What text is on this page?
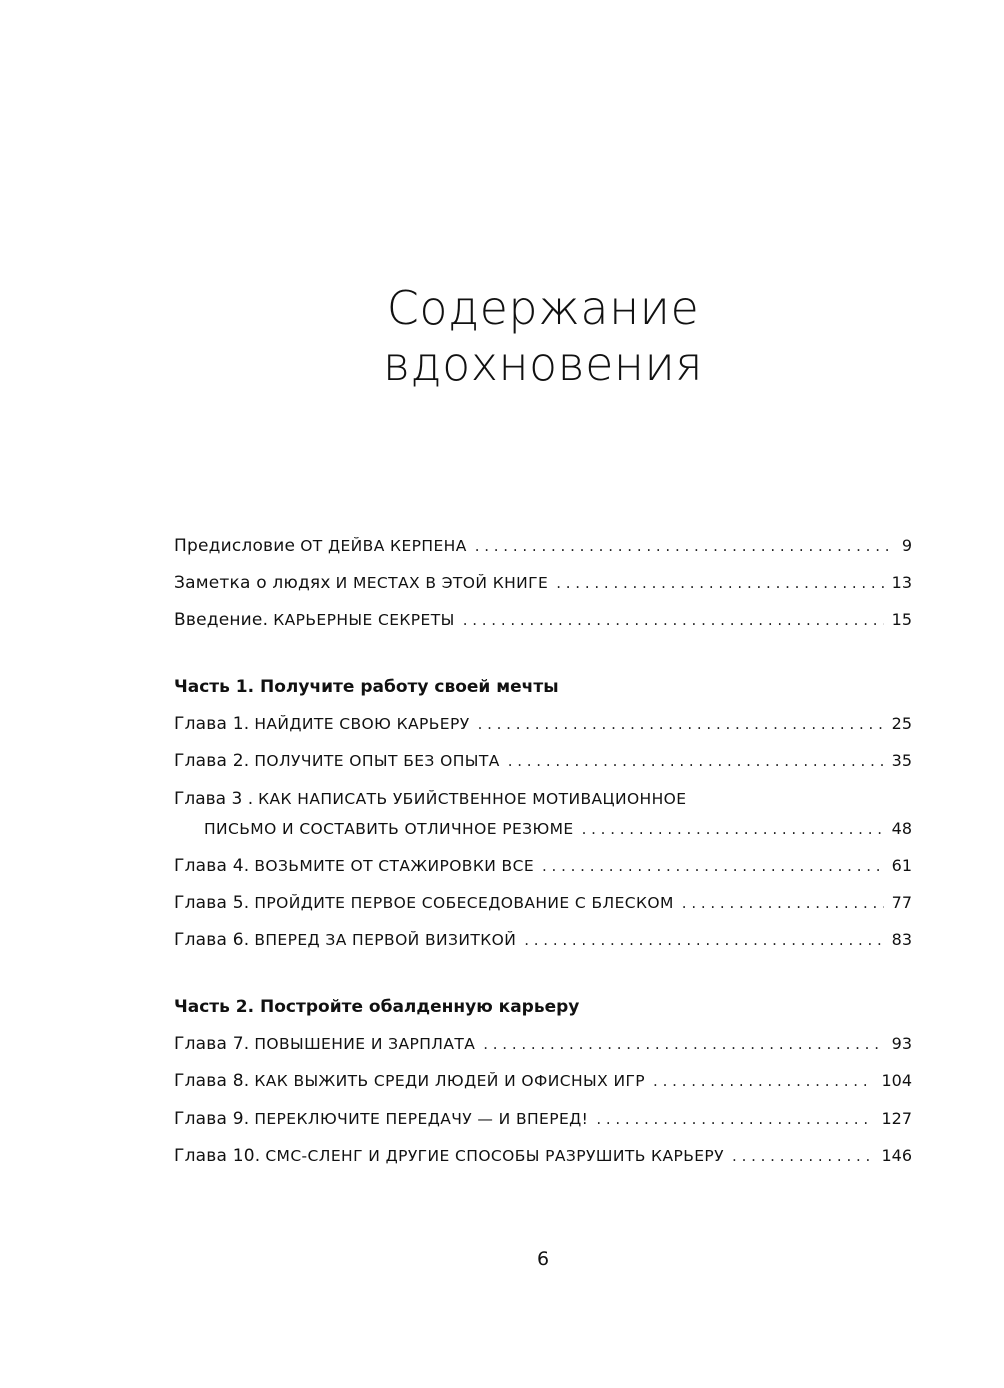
Содержание
вдохновения
Предисловие ОТ ДЕЙВА КЕРПЕНА . . .	9
Заметка о людях И МЕСТАХ В ЭТОЙ КНИГЕ . . .	13
Введение. КАРЬЕРНЫЕ СЕКРЕТЫ . . .	15
Часть 1. Получите работу своей мечты
Глава 1. НАЙДИТЕ СВОЮ КАРЬЕРУ . . .	25
Глава 2. ПОЛУЧИТЕ ОПЫТ БЕЗ ОПЫТА . . .	35
Глава 3 . КАК НАПИСАТЬ УБИЙСТВЕННОЕ МОТИВАЦИОННОЕ
ПИСЬМО И СОСТАВИТЬ ОТЛИЧНОЕ РЕЗЮМЕ . . .	48
Глава 4. ВОЗЬМИТЕ ОТ СТАЖИРОВКИ ВСЕ . . .	61
Глава 5. ПРОЙДИТЕ ПЕРВОЕ СОБЕСЕДОВАНИЕ С БЛЕСКОМ . . .	77
Глава 6. ВПЕРЕД ЗА ПЕРВОЙ ВИЗИТКОЙ . . .	83
Часть 2. Постройте обалденную карьеру
Глава 7. ПОВЫШЕНИЕ И ЗАРПЛАТА . . .	93
Глава 8. КАК ВЫЖИТЬ СРЕДИ ЛЮДЕЙ И ОФИСНЫХ ИГР . . .	104
Глава 9. ПЕРЕКЛЮЧИТЕ ПЕРЕДАЧУ — И ВПЕРЕД! . . .	127
Глава 10. СМС-СЛЕНГ И ДРУГИЕ СПОСОБЫ РАЗРУШИТЬ КАРЬЕРУ . . .	146
6
